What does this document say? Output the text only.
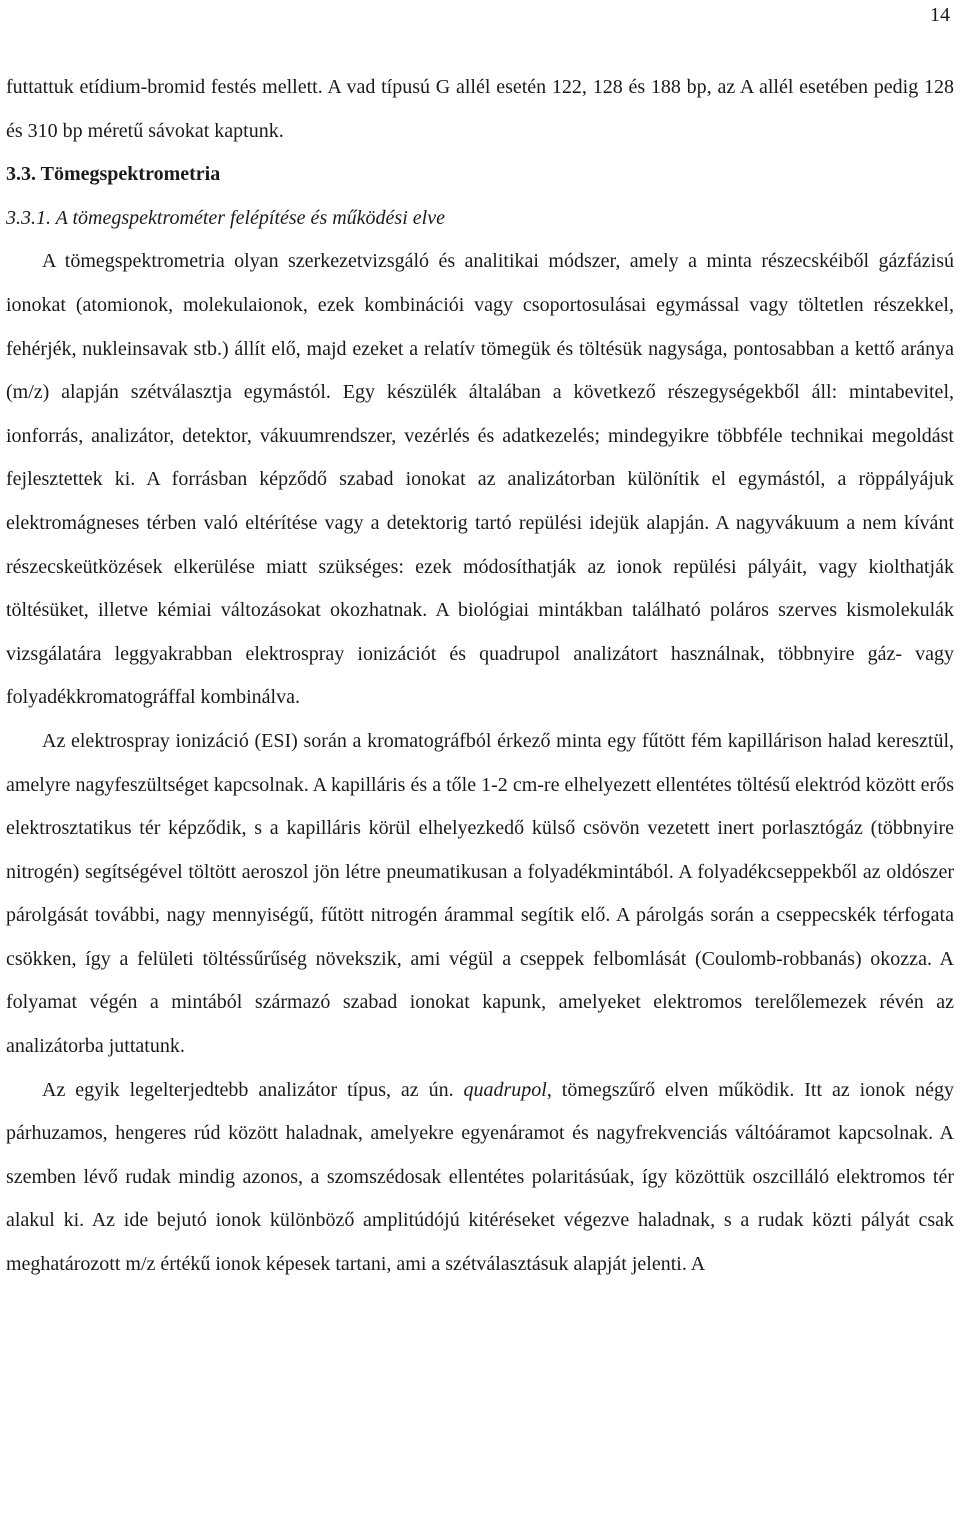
14

futtattuk etídium-bromid festés mellett. A vad típusú G allél esetén 122, 128 és 188 bp, az A allél esetében pedig 128 és 310 bp méretű sávokat kaptunk.

3.3. Tömegspektrometria

3.3.1. A tömegspektrométer felépítése és működési elve

A tömegspektrometria olyan szerkezetvizsgáló és analitikai módszer, amely a minta részecskéiből gázfázisú ionokat (atomionok, molekulaionok, ezek kombinációi vagy csoportosulásai egymással vagy töltetlen részekkel, fehérjék, nukleinsavak stb.) állít elő, majd ezeket a relatív tömegük és töltésük nagysága, pontosabban a kettő aránya (m/z) alapján szétválasztja egymástól. Egy készülék általában a következő részegységekből áll: mintabevitel, ionforrás, analizátor, detektor, vákuumrendszer, vezérlés és adatkezelés; mindegyikre többféle technikai megoldást fejlesztettek ki. A forrásban képződő szabad ionokat az analizátorban különítik el egymástól, a röppályájuk elektromágneses térben való eltérítése vagy a detektorig tartó repülési idejük alapján. A nagyvákuum a nem kívánt részecskeütközések elkerülése miatt szükséges: ezek módosíthatják az ionok repülési pályáit, vagy kiolthatják töltésüket, illetve kémiai változásokat okozhatnak. A biológiai mintákban található poláros szerves kismolekulák vizsgálatára leggyakrabban elektrospray ionizációt és quadrupol analizátort használnak, többnyire gáz- vagy folyadékkromatográffal kombinálva.

Az elektrospray ionizáció (ESI) során a kromatográfból érkező minta egy fűtött fém kapillárison halad keresztül, amelyre nagyfeszültséget kapcsolnak. A kapilláris és a tőle 1-2 cm-re elhelyezett ellentétes töltésű elektród között erős elektrosztatikus tér képződik, s a kapilláris körül elhelyezkedő külső csövön vezetett inert porlasztógáz (többnyire nitrogén) segítségével töltött aeroszol jön létre pneumatikusan a folyadékmintából. A folyadékcseppekből az oldószer párolgását további, nagy mennyiségű, fűtött nitrogén árammal segítik elő. A párolgás során a cseppecskék térfogata csökken, így a felületi töltéssűrűség növekszik, ami végül a cseppek felbomlását (Coulomb-robbanás) okozza. A folyamat végén a mintából származó szabad ionokat kapunk, amelyeket elektromos terelőlemezek révén az analizátorba juttatunk.

Az egyik legelterjedtebb analizátor típus, az ún. quadrupol, tömegszűrő elven működik. Itt az ionok négy párhuzamos, hengeres rúd között haladnak, amelyekre egyenáramot és nagyfrekvenciás váltóáramot kapcsolnak. A szemben lévő rudak mindig azonos, a szomszédosak ellentétes polaritásúak, így közöttük oszcilláló elektromos tér alakul ki. Az ide bejutó ionok különböző amplitúdójú kitéréseket végezve haladnak, s a rudak közti pályát csak meghatározott m/z értékű ionok képesek tartani, ami a szétválasztásuk alapját jelenti. A
